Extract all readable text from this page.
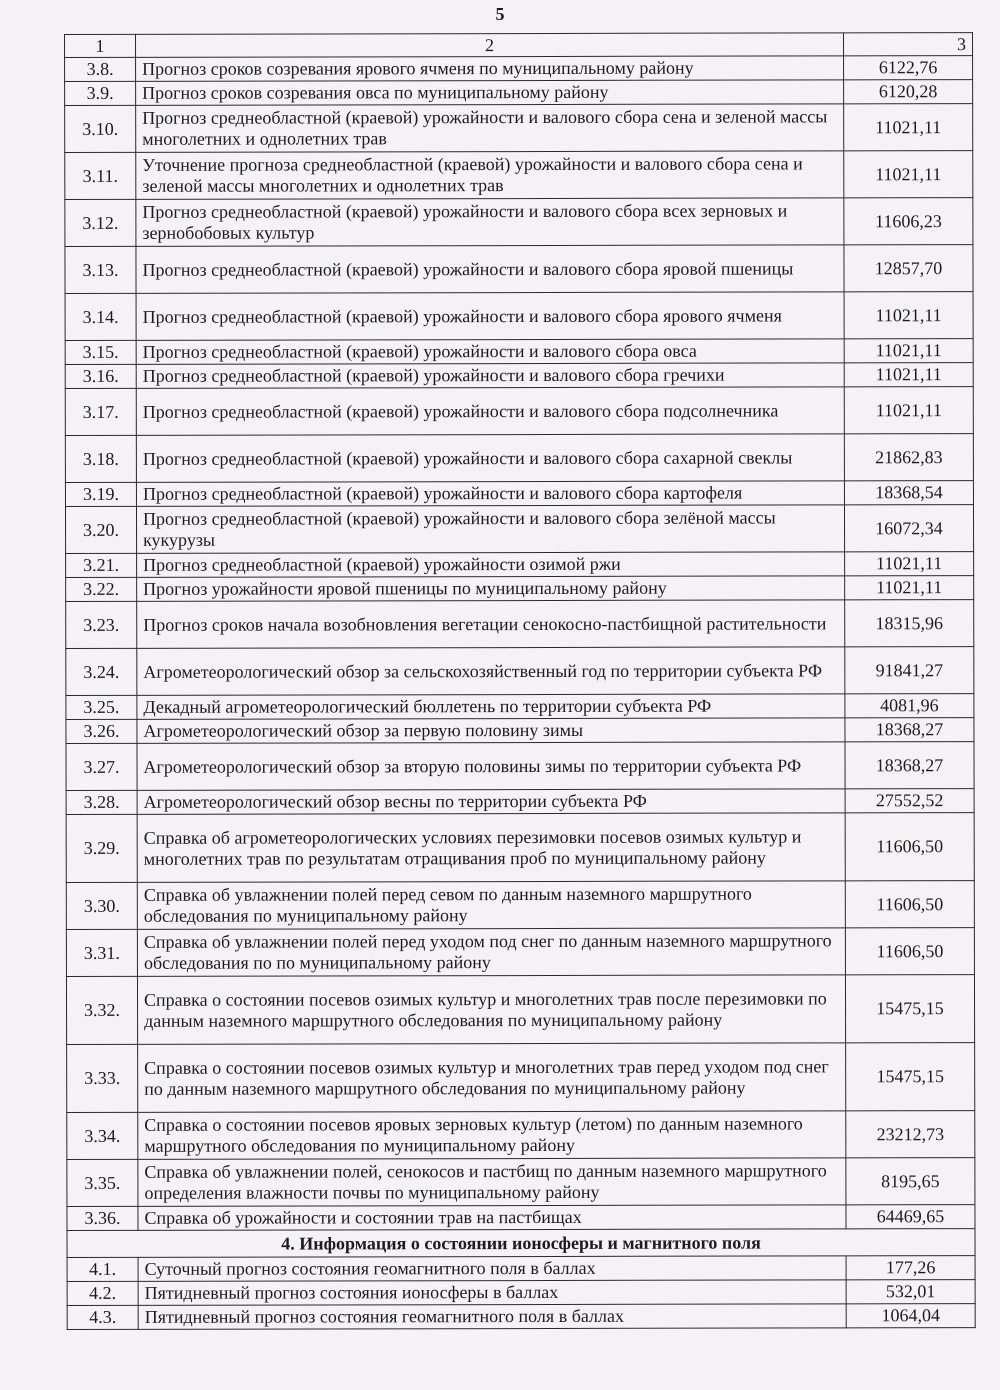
5
1	2	3
3.8.	Прогноз сроков созревания ярового ячменя по муниципальному району	6122,76
3.9.	Прогноз сроков созревания овса по муниципальному району	6120,28
3.10.	Прогноз среднеобластной (краевой) урожайности и валового сбора сена и зеленой массы многолетних и однолетних трав	11021,11
3.11.	Уточнение прогноза среднеобластной (краевой) урожайности и валового сбора сена и зеленой массы многолетних и однолетних трав	11021,11
3.12.	Прогноз среднеобластной (краевой) урожайности и валового сбора всех зерновых и зернобобовых культур	11606,23
3.13.	Прогноз среднеобластной (краевой) урожайности и валового сбора яровой пшеницы	12857,70
3.14.	Прогноз среднеобластной (краевой) урожайности и валового сбора ярового ячменя	11021,11
3.15.	Прогноз среднеобластной (краевой) урожайности и валового сбора овса	11021,11
3.16.	Прогноз среднеобластной (краевой) урожайности и валового сбора гречихи	11021,11
3.17.	Прогноз среднеобластной (краевой) урожайности и валового сбора подсолнечника	11021,11
3.18.	Прогноз среднеобластной (краевой) урожайности и валового сбора сахарной свеклы	21862,83
3.19.	Прогноз среднеобластной (краевой) урожайности и валового сбора картофеля	18368,54
3.20.	Прогноз среднеобластной (краевой) урожайности и валового сбора зелёной массы кукурузы	16072,34
3.21.	Прогноз среднеобластной (краевой) урожайности озимой ржи	11021,11
3.22.	Прогноз урожайности яровой пшеницы по муниципальному району	11021,11
3.23.	Прогноз сроков начала возобновления вегетации сенокосно-пастбищной растительности	18315,96
3.24.	Агрометеорологический обзор за сельскохозяйственный год по территории субъекта РФ	91841,27
3.25.	Декадный агрометеорологический бюллетень по территории субъекта РФ	4081,96
3.26.	Агрометеорологический обзор за первую половину зимы	18368,27
3.27.	Агрометеорологический обзор за вторую половины зимы по территории субъекта РФ	18368,27
3.28.	Агрометеорологический обзор весны по территории субъекта РФ	27552,52
3.29.	Справка об агрометеорологических условиях перезимовки посевов озимых культур и многолетних трав по результатам отращивания проб по муниципальному району	11606,50
3.30.	Справка об увлажнении полей перед севом по данным наземного маршрутного обследования по муниципальному району	11606,50
3.31.	Справка об увлажнении полей перед уходом под снег по данным наземного маршрутного обследования по по муниципальному району	11606,50
3.32.	Справка о состоянии посевов озимых культур и многолетних трав после перезимовки по данным наземного маршрутного обследования по муниципальному району	15475,15
3.33.	Справка о состоянии посевов озимых культур и многолетних трав перед уходом под снег по данным наземного маршрутного обследования по муниципальному району	15475,15
3.34.	Справка о состоянии посевов яровых зерновых культур (летом) по данным наземного маршрутного обследования по муниципальному району	23212,73
3.35.	Справка об увлажнении полей, сенокосов и пастбищ по данным наземного маршрутного определения влажности почвы по муниципальному району	8195,65
3.36.	Справка об урожайности и состоянии трав на пастбищах	64469,65
4. Информация о состоянии ионосферы и магнитного поля		
4.1.	Суточный прогноз состояния геомагнитного поля в баллах	177,26
4.2.	Пятидневный прогноз состояния ионосферы в баллах	532,01
4.3.	Пятидневный прогноз состояния геомагнитного поля в баллах	1064,04
